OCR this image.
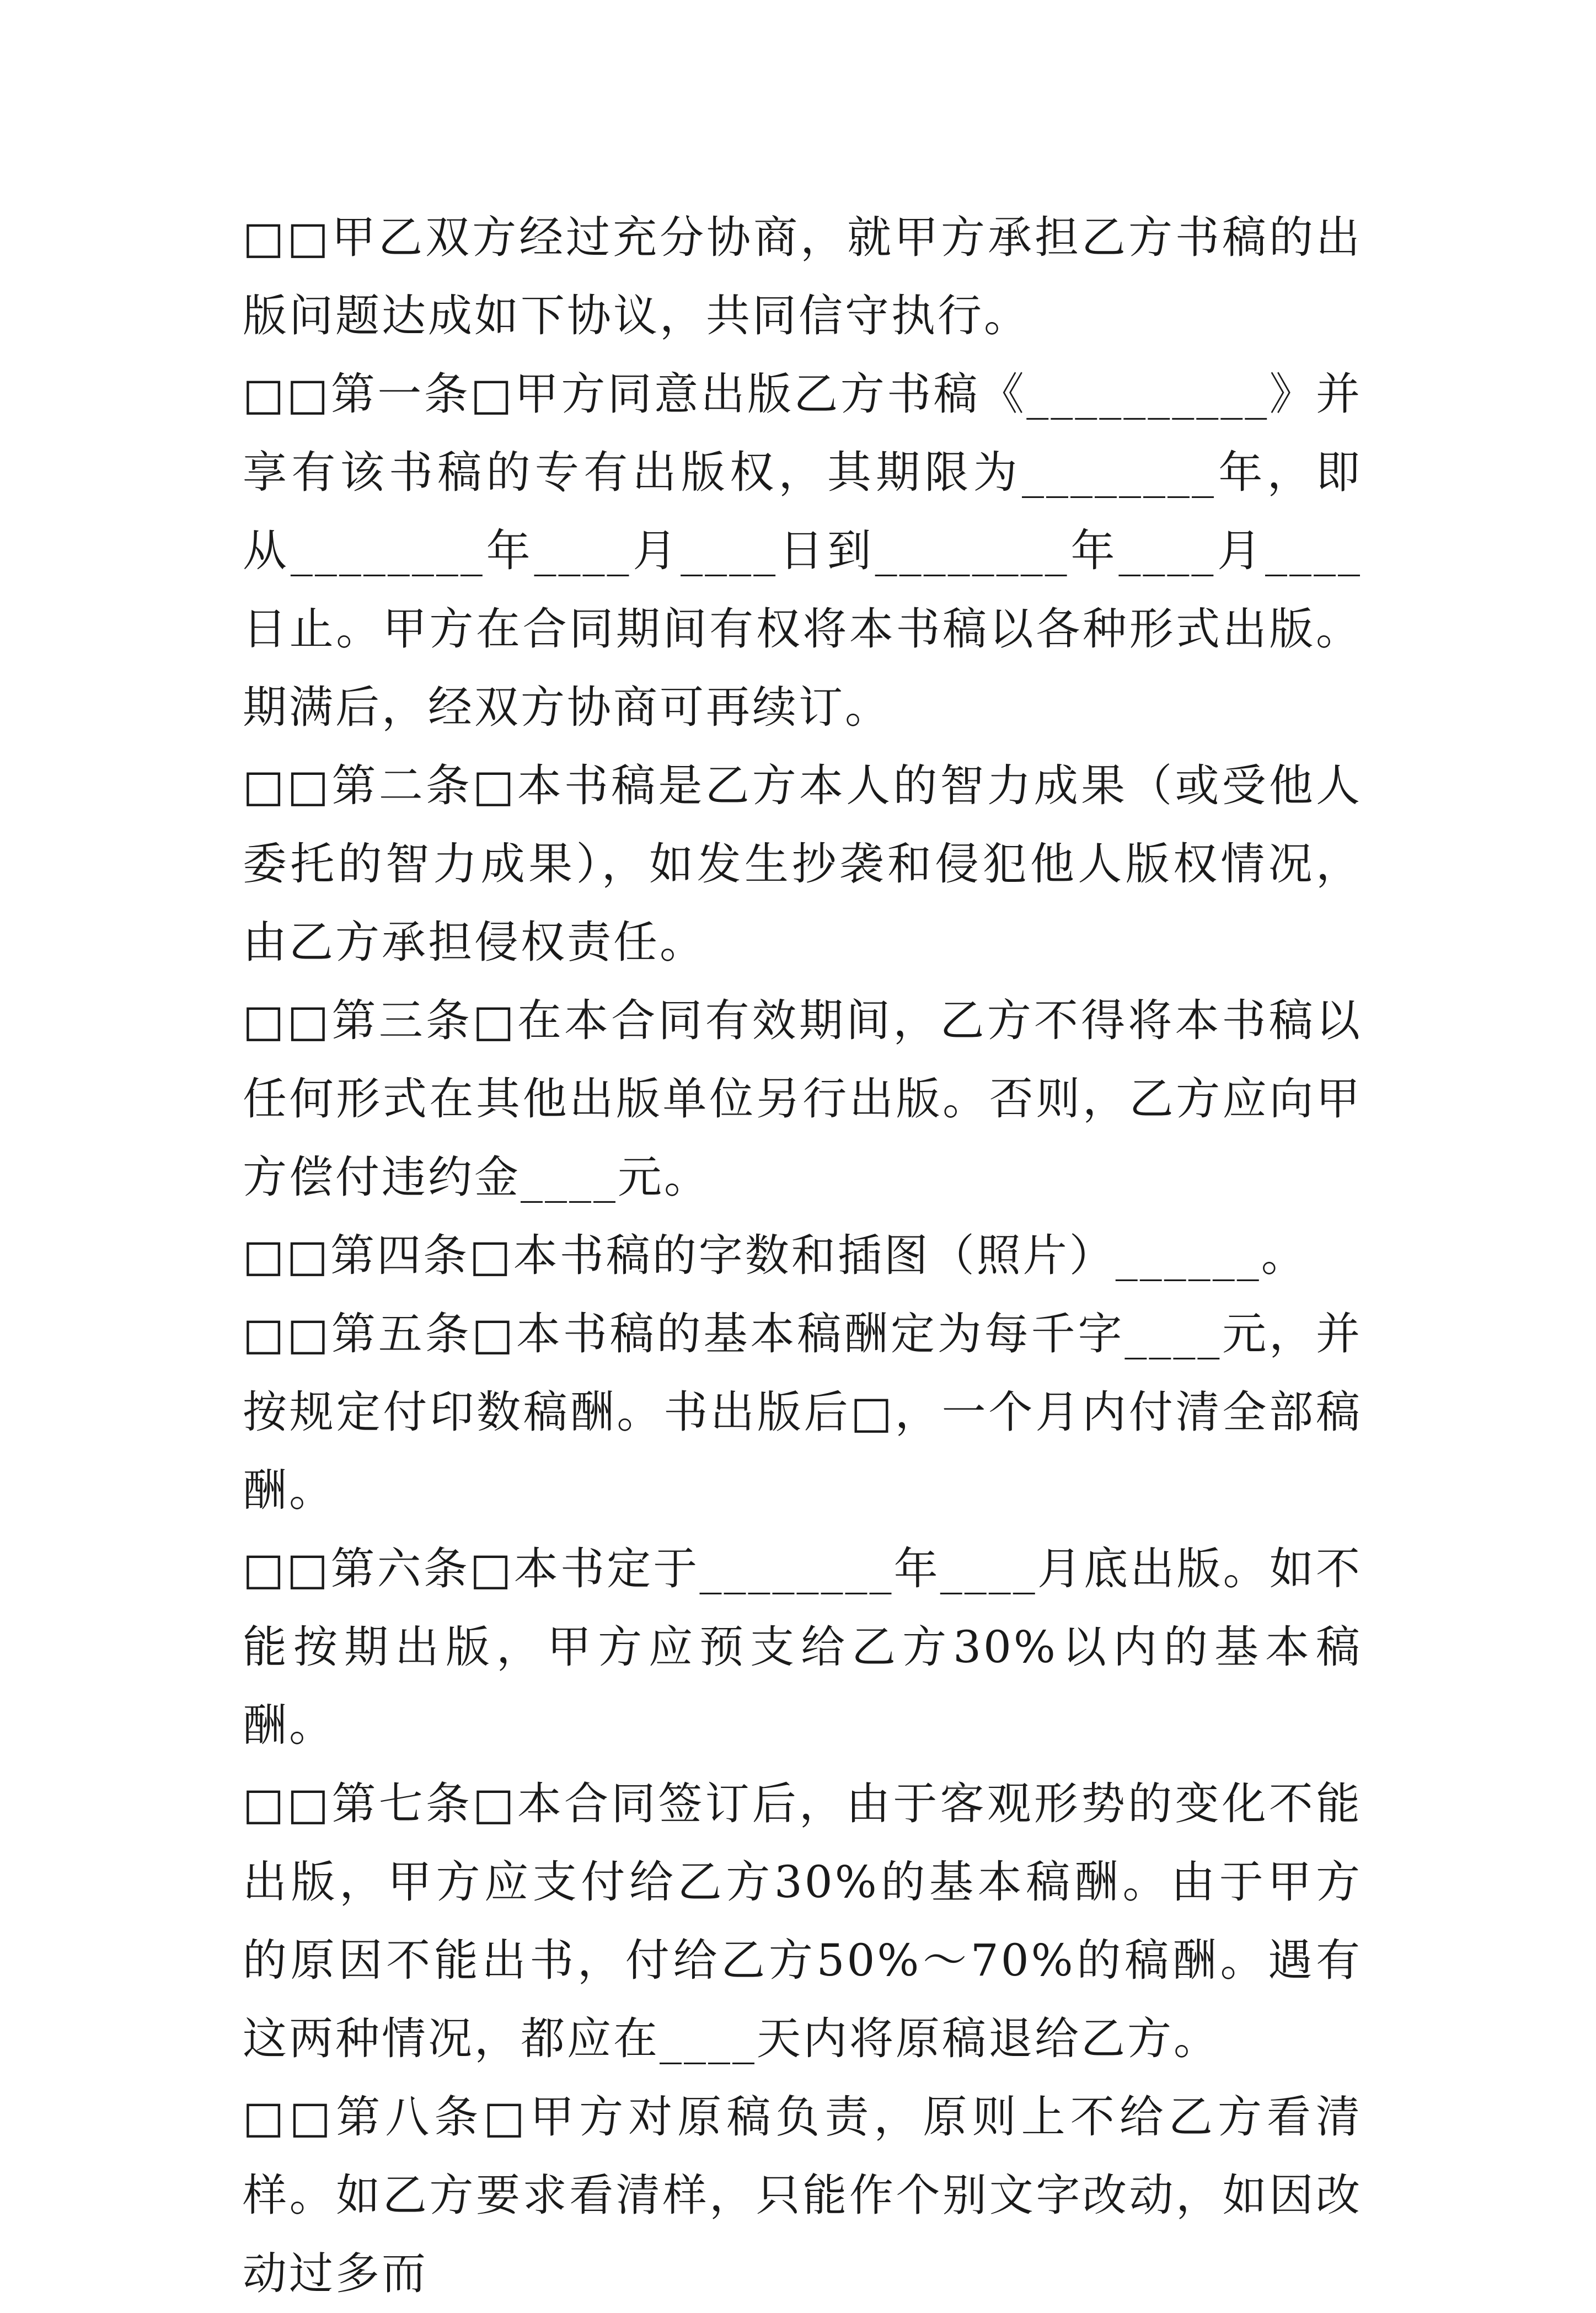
□□甲乙双方经过充分协商，就甲方承担乙方书稿的出版问题达成如下协议，共同信守执行。

□□第一条□甲方同意出版乙方书稿《__________》并享有该书稿的专有出版权，其期限为________年，即从________年____月____日到________年____月____日止。甲方在合同期间有权将本书稿以各种形式出版。期满后，经双方协商可再续订。

□□第二条□本书稿是乙方本人的智力成果（或受他人委托的智力成果），如发生抄袭和侵犯他人版权情况，由乙方承担侵权责任。

□□第三条□在本合同有效期间，乙方不得将本书稿以任何形式在其他出版单位另行出版。否则，乙方应向甲方偿付违约金____元。

□□第四条□本书稿的字数和插图（照片）______。

□□第五条□本书稿的基本稿酬定为每千字____元，并按规定付印数稿酬。书出版后□，一个月内付清全部稿酬。

□□第六条□本书定于________年____月底出版。如不能按期出版，甲方应预支给乙方30%以内的基本稿酬。

□□第七条□本合同签订后，由于客观形势的变化不能出版，甲方应支付给乙方30%的基本稿酬。由于甲方的原因不能出书，付给乙方50%～70%的稿酬。遇有这两种情况，都应在____天内将原稿退给乙方。

□□第八条□甲方对原稿负责，原则上不给乙方看清样。如乙方要求看清样，只能作个别文字改动，如因改动过多而
